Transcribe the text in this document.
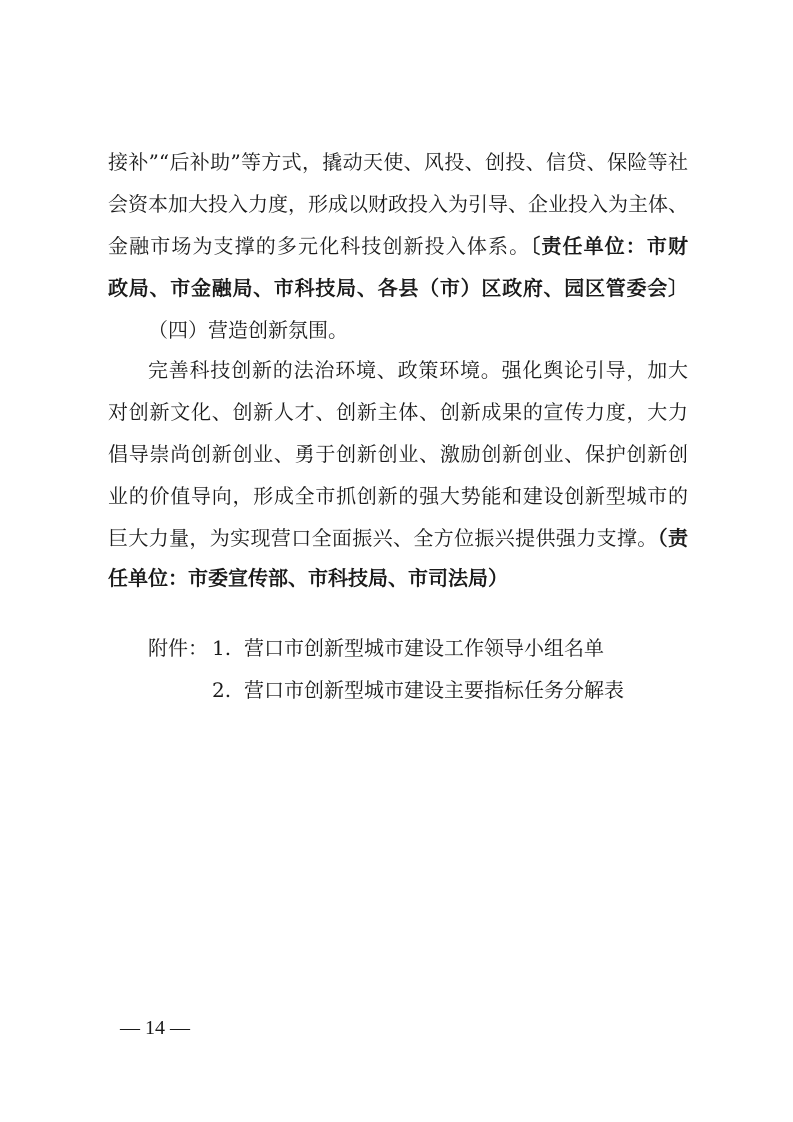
接补”“后补助”等方式，撬动天使、风投、创投、信贷、保险等社
会资本加大投入力度，形成以财政投入为引导、企业投入为主体、
金融市场为支撑的多元化科技创新投入体系。〔责任单位：市财
政局、市金融局、市科技局、各县（市）区政府、园区管委会〕
（四）营造创新氛围。
完善科技创新的法治环境、政策环境。强化舆论引导，加大
对创新文化、创新人才、创新主体、创新成果的宣传力度，大力
倡导崇尚创新创业、勇于创新创业、激励创新创业、保护创新创
业的价值导向，形成全市抓创新的强大势能和建设创新型城市的
巨大力量，为实现营口全面振兴、全方位振兴提供强力支撑。（责
任单位：市委宣传部、市科技局、市司法局）
附件： 1. 营口市创新型城市建设工作领导小组名单
2. 营口市创新型城市建设主要指标任务分解表
— 14 —
